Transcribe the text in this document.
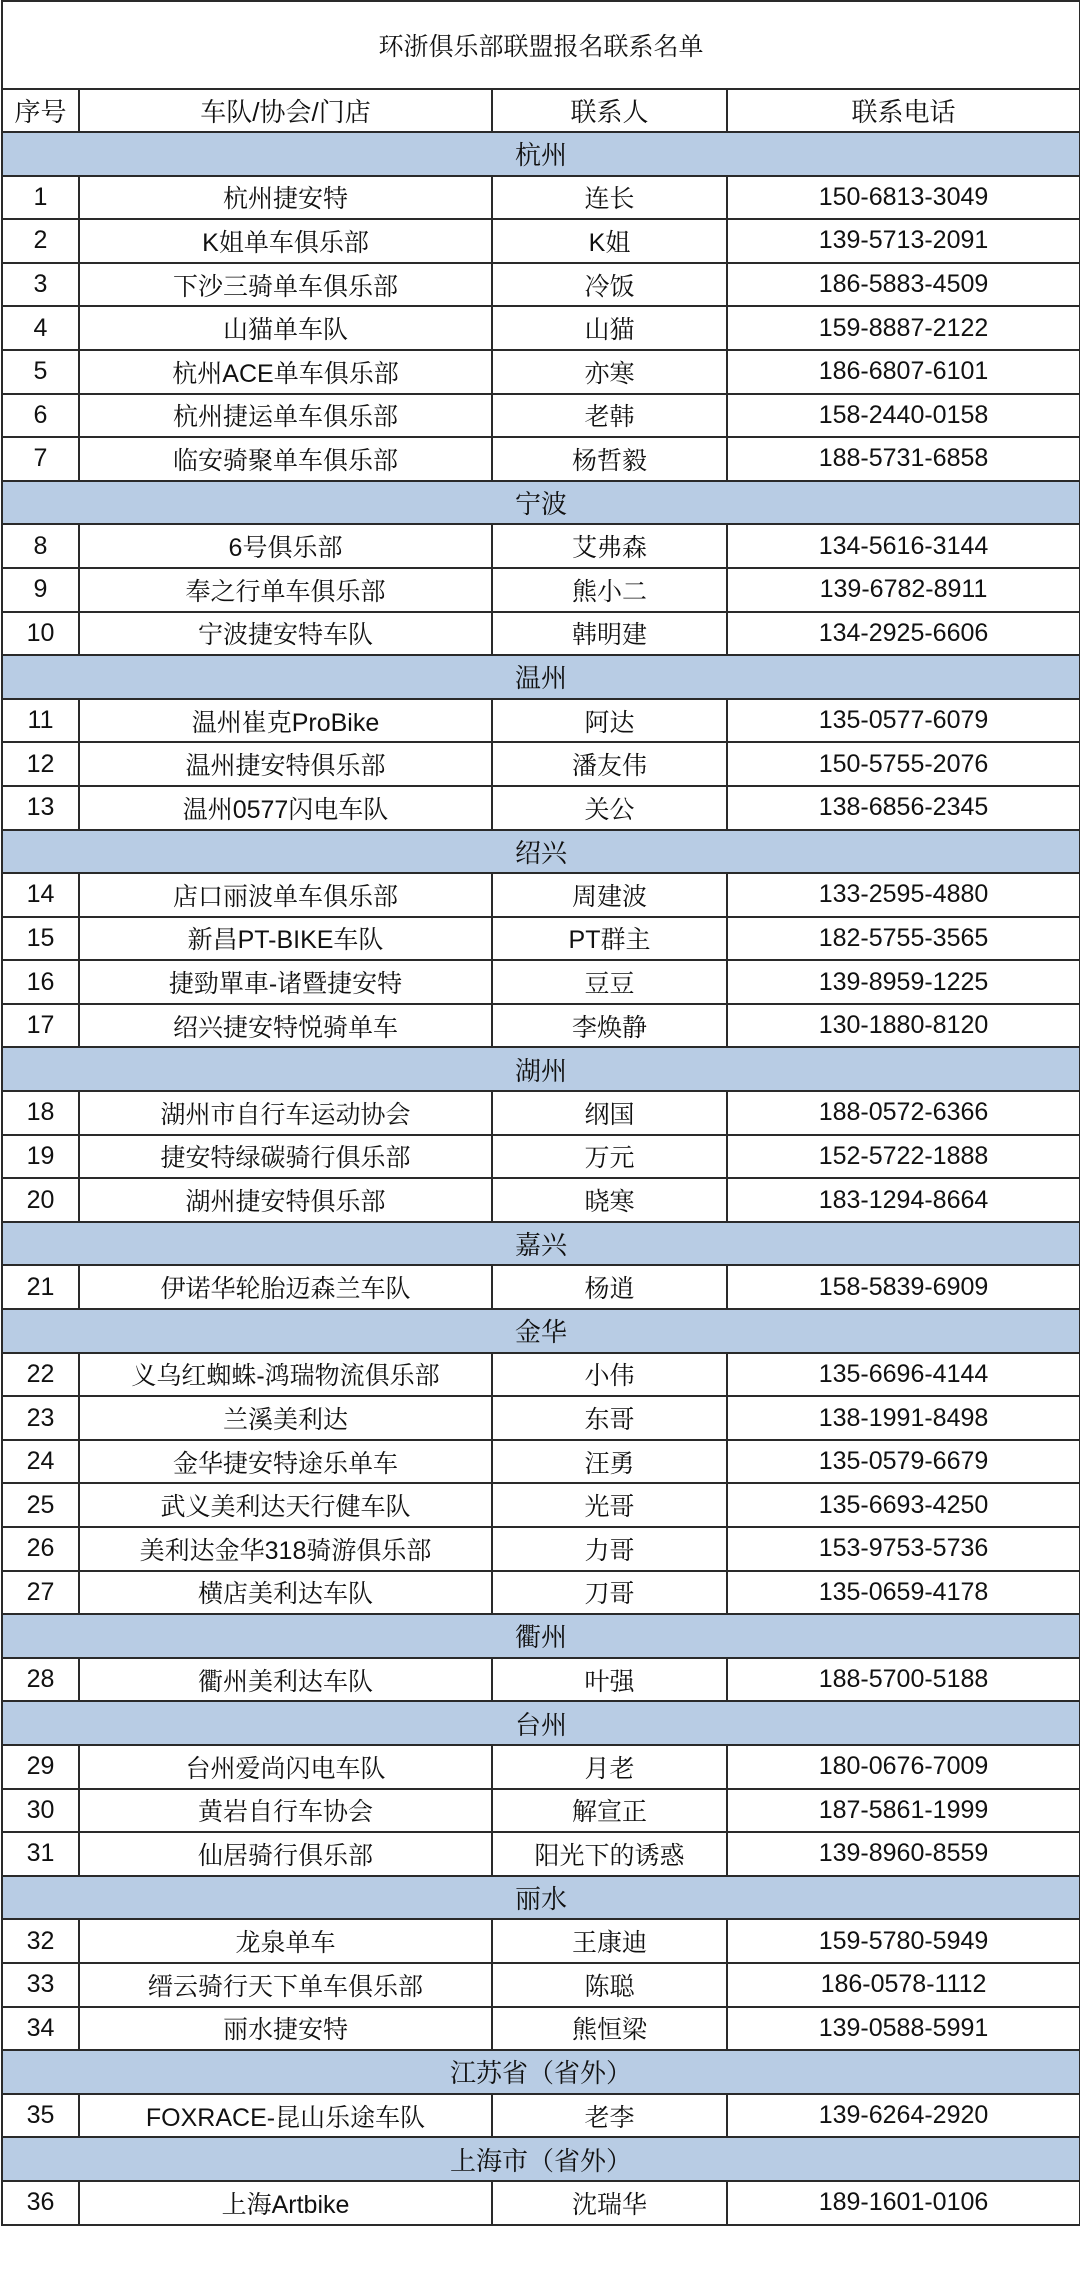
环浙俱乐部联盟报名联系名单			
序号	车队/协会/门店	联系人	联系电话
杭州			
1	杭州捷安特	连长	150-6813-3049
2	K姐单车俱乐部	K姐	139-5713-2091
3	下沙三骑单车俱乐部	冷饭	186-5883-4509
4	山猫单车队	山猫	159-8887-2122
5	杭州ACE单车俱乐部	亦寒	186-6807-6101
6	杭州捷运单车俱乐部	老韩	158-2440-0158
7	临安骑聚单车俱乐部	杨哲毅	188-5731-6858
宁波			
8	6号俱乐部	艾弗森	134-5616-3144
9	奉之行单车俱乐部	熊小二	139-6782-8911
10	宁波捷安特车队	韩明建	134-2925-6606
温州			
11	温州崔克ProBike	阿达	135-0577-6079
12	温州捷安特俱乐部	潘友伟	150-5755-2076
13	温州0577闪电车队	关公	138-6856-2345
绍兴			
14	店口丽波单车俱乐部	周建波	133-2595-4880
15	新昌PT-BIKE车队	PT群主	182-5755-3565
16	捷勁單車-诸暨捷安特	豆豆	139-8959-1225
17	绍兴捷安特悦骑单车	李焕静	130-1880-8120
湖州			
18	湖州市自行车运动协会	纲国	188-0572-6366
19	捷安特绿碳骑行俱乐部	万元	152-5722-1888
20	湖州捷安特俱乐部	晓寒	183-1294-8664
嘉兴			
21	伊诺华轮胎迈森兰车队	杨逍	158-5839-6909
金华			
22	义乌红蜘蛛-鸿瑞物流俱乐部	小伟	135-6696-4144
23	兰溪美利达	东哥	138-1991-8498
24	金华捷安特途乐单车	汪勇	135-0579-6679
25	武义美利达天行健车队	光哥	135-6693-4250
26	美利达金华318骑游俱乐部	力哥	153-9753-5736
27	横店美利达车队	刀哥	135-0659-4178
衢州			
28	衢州美利达车队	叶强	188-5700-5188
台州			
29	台州爱尚闪电车队	月老	180-0676-7009
30	黄岩自行车协会	解宣正	187-5861-1999
31	仙居骑行俱乐部	阳光下的诱惑	139-8960-8559
丽水			
32	龙泉单车	王康迪	159-5780-5949
33	缙云骑行天下单车俱乐部	陈聪	186-0578-1112
34	丽水捷安特	熊恒梁	139-0588-5991
江苏省（省外）			
35	FOXRACE-昆山乐途车队	老李	139-6264-2920
上海市（省外）			
36	上海Artbike	沈瑞华	189-1601-0106
